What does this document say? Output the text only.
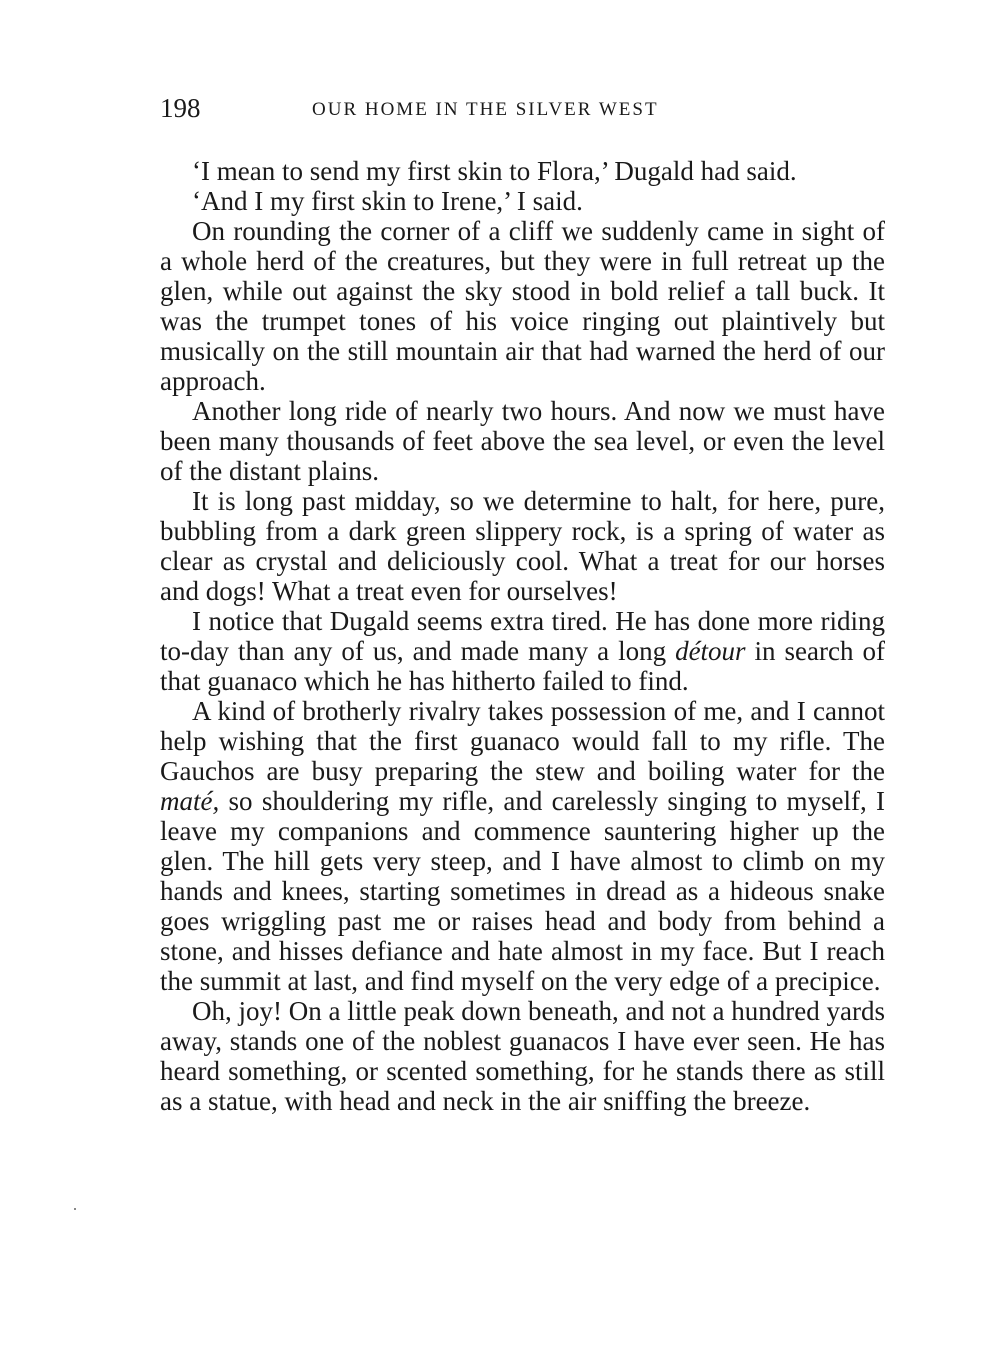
198	OUR HOME IN THE SILVER WEST

‘I mean to send my first skin to Flora,’ Dugald had said.

‘And I my first skin to Irene,’ I said.

On rounding the corner of a cliff we suddenly came in sight of a whole herd of the creatures, but they were in full retreat up the glen, while out against the sky stood in bold relief a tall buck. It was the trumpet tones of his voice ringing out plaintively but musically on the still mountain air that had warned the herd of our approach.

Another long ride of nearly two hours. And now we must have been many thousands of feet above the sea level, or even the level of the distant plains.

It is long past midday, so we determine to halt, for here, pure, bubbling from a dark green slippery rock, is a spring of water as clear as crystal and deliciously cool. What a treat for our horses and dogs! What a treat even for ourselves!

I notice that Dugald seems extra tired. He has done more riding to-day than any of us, and made many a long détour in search of that guanaco which he has hitherto failed to find.

A kind of brotherly rivalry takes possession of me, and I cannot help wishing that the first guanaco would fall to my rifle. The Gauchos are busy preparing the stew and boiling water for the maté, so shouldering my rifle, and carelessly singing to myself, I leave my companions and commence sauntering higher up the glen. The hill gets very steep, and I have almost to climb on my hands and knees, starting sometimes in dread as a hideous snake goes wriggling past me or raises head and body from behind a stone, and hisses defiance and hate almost in my face. But I reach the summit at last, and find myself on the very edge of a precipice.

Oh, joy! On a little peak down beneath, and not a hundred yards away, stands one of the noblest guanacos I have ever seen. He has heard something, or scented something, for he stands there as still as a statue, with head and neck in the air sniffing the breeze.
